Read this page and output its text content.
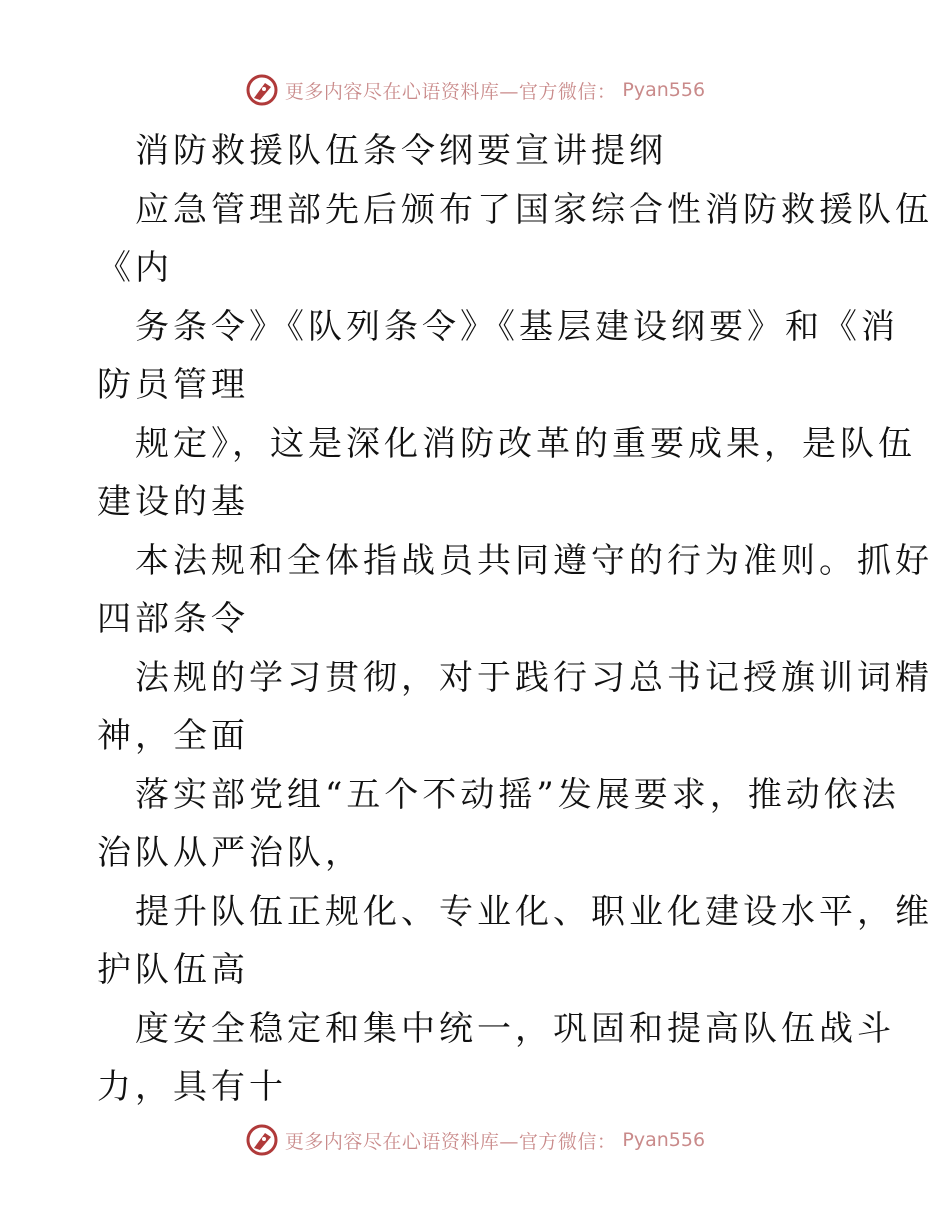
更多内容尽在心语资料库—官方微信： Pyan556
消防救援队伍条令纲要宣讲提纲
应急管理部先后颁布了国家综合性消防救援队伍
《内
务条令》《队列条令》《基层建设纲要》和《消
防员管理
规定》，这是深化消防改革的重要成果，是队伍
建设的基
本法规和全体指战员共同遵守的行为准则。抓好
四部条令
法规的学习贯彻，对于践行习总书记授旗训词精
神，全面
落实部党组“五个不动摇”发展要求，推动依法
治队从严治队，
提升队伍正规化、专业化、职业化建设水平，维
护队伍高
度安全稳定和集中统一，巩固和提高队伍战斗
力，具有十
更多内容尽在心语资料库—官方微信： Pyan556
